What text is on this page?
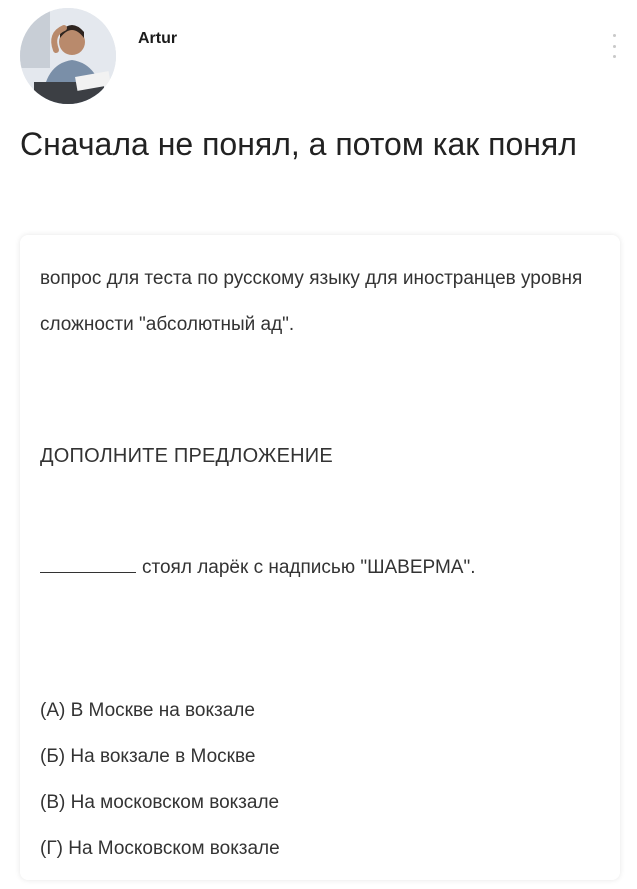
Artur
Сначала не понял, а потом как понял
вопрос для теста по русскому языку для иностранцев уровня сложности "абсолютный ад".
ДОПОЛНИТЕ ПРЕДЛОЖЕНИЕ
стоял ларёк с надписью "ШАВЕРМА".
(А) В Москве на вокзале
(Б) На вокзале в Москве
(В) На московском вокзале
(Г) На Московском вокзале
